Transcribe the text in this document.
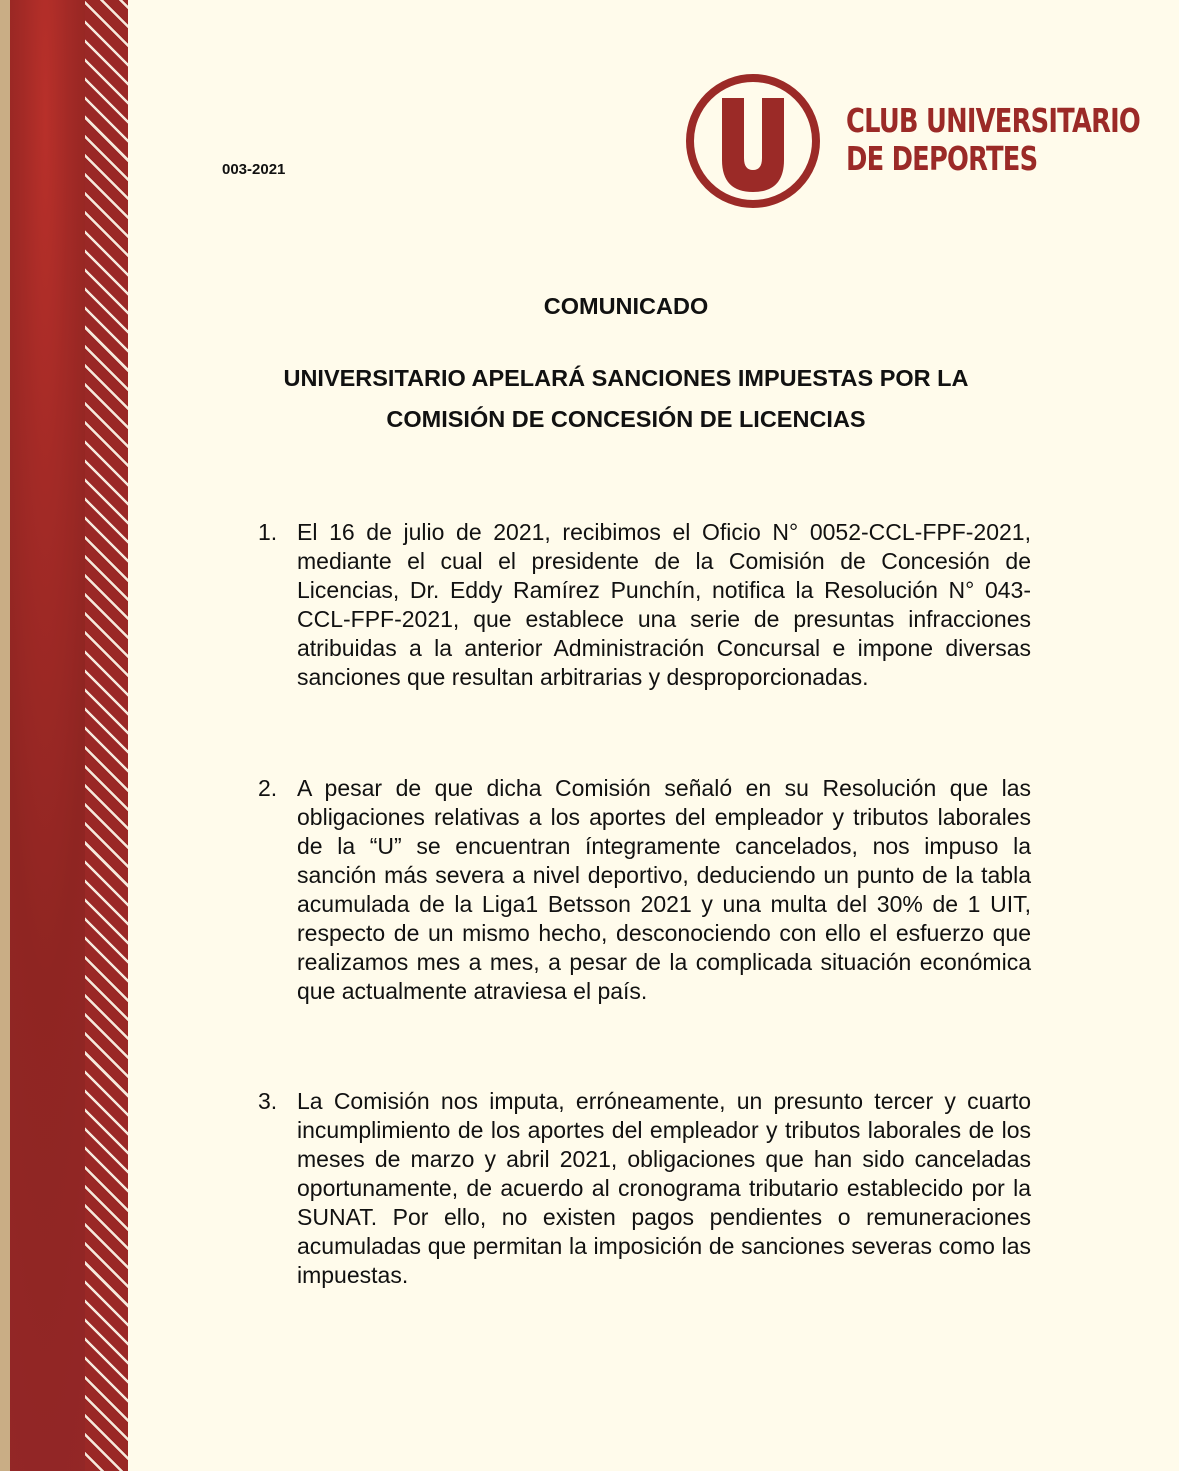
003-2021
CLUB UNIVERSITARIO
DE DEPORTES
COMUNICADO
UNIVERSITARIO APELARÁ SANCIONES IMPUESTAS POR LA
COMISIÓN DE CONCESIÓN DE LICENCIAS
1. El 16 de julio de 2021, recibimos el Oficio N° 0052-CCL-FPF-2021, mediante el cual el presidente de la Comisión de Concesión de Licencias, Dr. Eddy Ramírez Punchín, notifica la Resolución N° 043-CCL-FPF-2021, que establece una serie de presuntas infracciones atribuidas a la anterior Administración Concursal e impone diversas sanciones que resultan arbitrarias y desproporcionadas.
2. A pesar de que dicha Comisión señaló en su Resolución que las obligaciones relativas a los aportes del empleador y tributos laborales de la “U” se encuentran íntegramente cancelados, nos impuso la sanción más severa a nivel deportivo, deduciendo un punto de la tabla acumulada de la Liga1 Betsson 2021 y una multa del 30% de 1 UIT, respecto de un mismo hecho, desconociendo con ello el esfuerzo que realizamos mes a mes, a pesar de la complicada situación económica que actualmente atraviesa el país.
3. La Comisión nos imputa, erróneamente, un presunto tercer y cuarto incumplimiento de los aportes del empleador y tributos laborales de los meses de marzo y abril 2021, obligaciones que han sido canceladas oportunamente, de acuerdo al cronograma tributario establecido por la SUNAT. Por ello, no existen pagos pendientes o remuneraciones acumuladas que permitan la imposición de sanciones severas como las impuestas.
